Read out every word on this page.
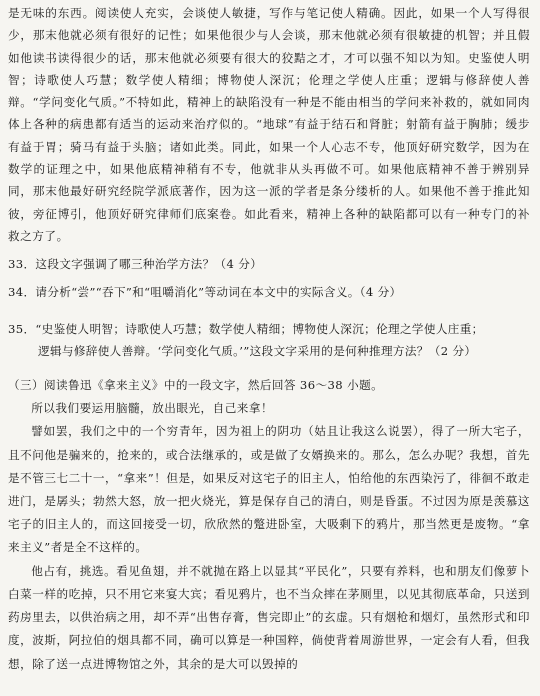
是无味的东西。阅读使人充实，会谈使人敏捷，写作与笔记使人精确。因此，如果一个人写得很少，那末他就必须有很好的记性；如果他很少与人会谈，那末他就必须有很敏捷的机智；并且假如他读书读得很少的话，那末他就必须要有很大的狡黠之才，才可以强不知以为知。史鉴使人明智；诗歌使人巧慧；数学使人精细；博物使人深沉；伦理之学使人庄重；逻辑与修辞使人善辩。“学问变化气质。”不特如此，精神上的缺陷没有一种是不能由相当的学问来补救的，就如同肉体上各种的病患都有适当的运动来治疗似的。“地球”有益于结石和肾脏；射箭有益于胸肺；缓步有益于胃；骑马有益于头脑；诸如此类。同此，如果一个人心志不专，他顶好研究数学，因为在数学的证理之中，如果他底精神稍有不专，他就非从头再做不可。如果他底精神不善于辨别异同，那末他最好研究经院学派底著作，因为这一派的学者是条分缕析的人。如果他不善于推此知彼，旁征博引，他顶好研究律师们底案卷。如此看来，精神上各种的缺陷都可以有一种专门的补救之方了。

33．这段文字强调了哪三种治学方法？（4 分）

34．请分析“尝”“吞下”和“咀嚼消化”等动词在本文中的实际含义。（4 分）

35．“史鉴使人明智；诗歌使人巧慧；数学使人精细；博物使人深沉；伦理之学使人庄重；

逻辑与修辞使人善辩。‘学问变化气质。’”这段文字采用的是何种推理方法？（2 分）

（三）阅读鲁迅《拿来主义》中的一段文字，然后回答 36～38 小题。

所以我们要运用脑髓，放出眼光，自己来拿！

譬如罢，我们之中的一个穷青年，因为祖上的阴功（姑且让我这么说罢），得了一所大宅子，且不问他是骗来的，抢来的，或合法继承的，或是做了女婿换来的。那么，怎么办呢？我想，首先是不管三七二十一，“拿来”！但是，如果反对这宅子的旧主人，怕给他的东西染污了，徘徊不敢走进门，是孱头；勃然大怒，放一把火烧光，算是保存自己的清白，则是昏蛋。不过因为原是羡慕这宅子的旧主人的，而这回接受一切，欣欣然的蹩进卧室，大吸剩下的鸦片，那当然更是废物。“拿来主义”者是全不这样的。

他占有，挑选。看见鱼翅，并不就抛在路上以显其“平民化”，只要有养料，也和朋友们像萝卜白菜一样的吃掉，只不用它来宴大宾；看见鸦片，也不当众摔在茅厕里，以见其彻底革命，只送到药房里去，以供治病之用，却不弄“出售存膏，售完即止”的玄虚。只有烟枪和烟灯，虽然形式和印度，波斯，阿拉伯的烟具都不同，确可以算是一种国粹，倘使背着周游世界，一定会有人看，但我想，除了送一点进博物馆之外，其余的是大可以毁掉的
